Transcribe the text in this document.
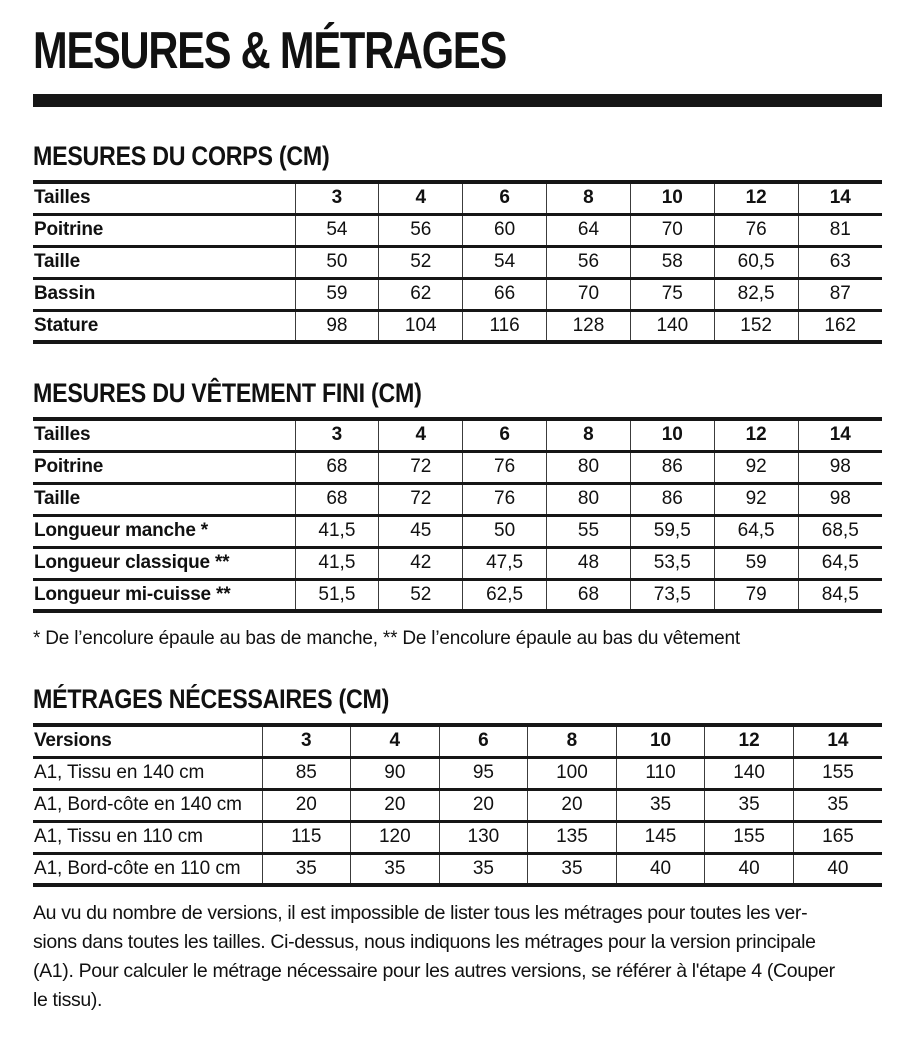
MESURES & MÉTRAGES
MESURES DU CORPS (CM)
Tailles	3	4	6	8	10	12	14
Poitrine	54	56	60	64	70	76	81
Taille	50	52	54	56	58	60,5	63
Bassin	59	62	66	70	75	82,5	87
Stature	98	104	116	128	140	152	162
MESURES DU VÊTEMENT FINI (CM)
Tailles	3	4	6	8	10	12	14
Poitrine	68	72	76	80	86	92	98
Taille	68	72	76	80	86	92	98
Longueur manche *	41,5	45	50	55	59,5	64,5	68,5
Longueur classique **	41,5	42	47,5	48	53,5	59	64,5
Longueur mi-cuisse **	51,5	52	62,5	68	73,5	79	84,5
* De l’encolure épaule au bas de manche, ** De l’encolure épaule au bas du vêtement
MÉTRAGES NÉCESSAIRES (CM)
Versions	3	4	6	8	10	12	14
A1, Tissu en 140 cm	85	90	95	100	110	140	155
A1, Bord-côte en 140 cm	20	20	20	20	35	35	35
A1, Tissu en 110 cm	115	120	130	135	145	155	165
A1, Bord-côte en 110 cm	35	35	35	35	40	40	40
Au vu du nombre de versions, il est impossible de lister tous les métrages pour toutes les ver-
sions dans toutes les tailles. Ci-dessus, nous indiquons les métrages pour la version principale
(A1). Pour calculer le métrage nécessaire pour les autres versions, se référer à l'étape 4 (Couper
le tissu).
